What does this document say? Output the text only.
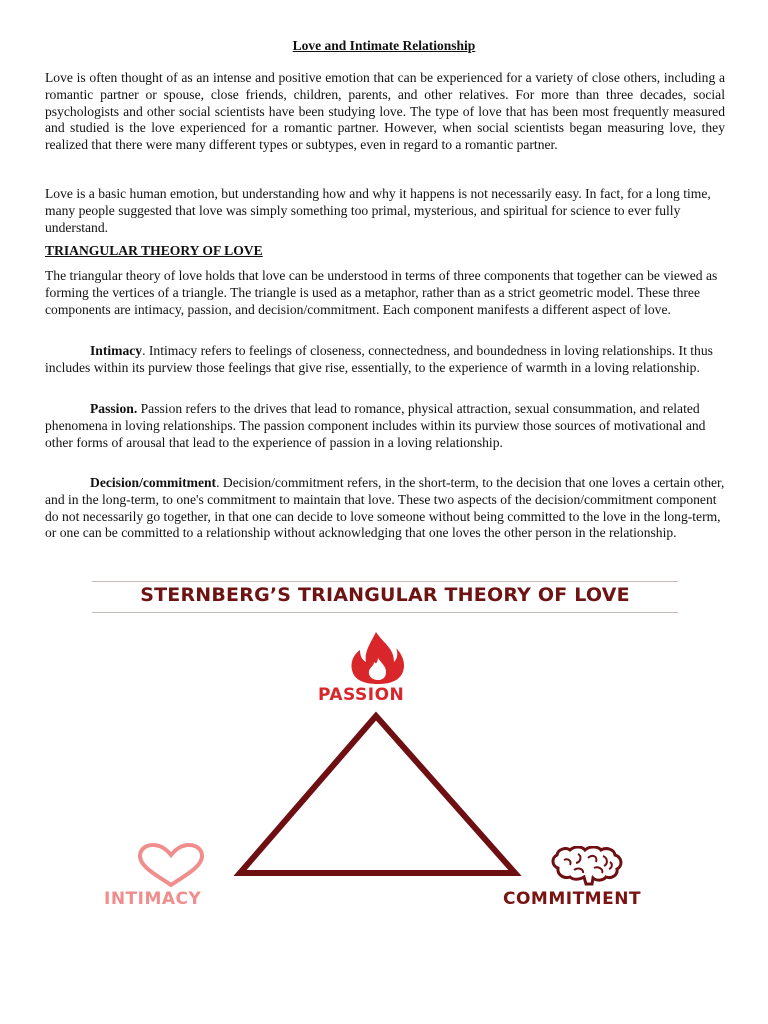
Love and Intimate Relationship

Love is often thought of as an intense and positive emotion that can be experienced for a variety of close others, including a romantic partner or spouse, close friends, children, parents, and other relatives. For more than three decades, social psychologists and other social scientists have been studying love. The type of love that has been most frequently measured and studied is the love experienced for a romantic partner. However, when social scientists began measuring love, they realized that there were many different types or subtypes, even in regard to a romantic partner.

Love is a basic human emotion, but understanding how and why it happens is not necessarily easy. In fact, for a long time, many people suggested that love was simply something too primal, mysterious, and spiritual for science to ever fully understand.

TRIANGULAR THEORY OF LOVE

The triangular theory of love holds that love can be understood in terms of three components that together can be viewed as forming the vertices of a triangle. The triangle is used as a metaphor, rather than as a strict geometric model. These three components are intimacy, passion, and decision/commitment. Each component manifests a different aspect of love.

Intimacy. Intimacy refers to feelings of closeness, connectedness, and boundedness in loving relationships. It thus includes within its purview those feelings that give rise, essentially, to the experience of warmth in a loving relationship.

Passion. Passion refers to the drives that lead to romance, physical attraction, sexual consummation, and related phenomena in loving relationships. The passion component includes within its purview those sources of motivational and other forms of arousal that lead to the experience of passion in a loving relationship.

Decision/commitment. Decision/commitment refers, in the short-term, to the decision that one loves a certain other, and in the long-term, to one's commitment to maintain that love. These two aspects of the decision/commitment component do not necessarily go together, in that one can decide to love someone without being committed to the love in the long-term, or one can be committed to a relationship without acknowledging that one loves the other person in the relationship.

STERNBERG’S TRIANGULAR THEORY OF LOVE
PASSION
INTIMACY	COMMITMENT
